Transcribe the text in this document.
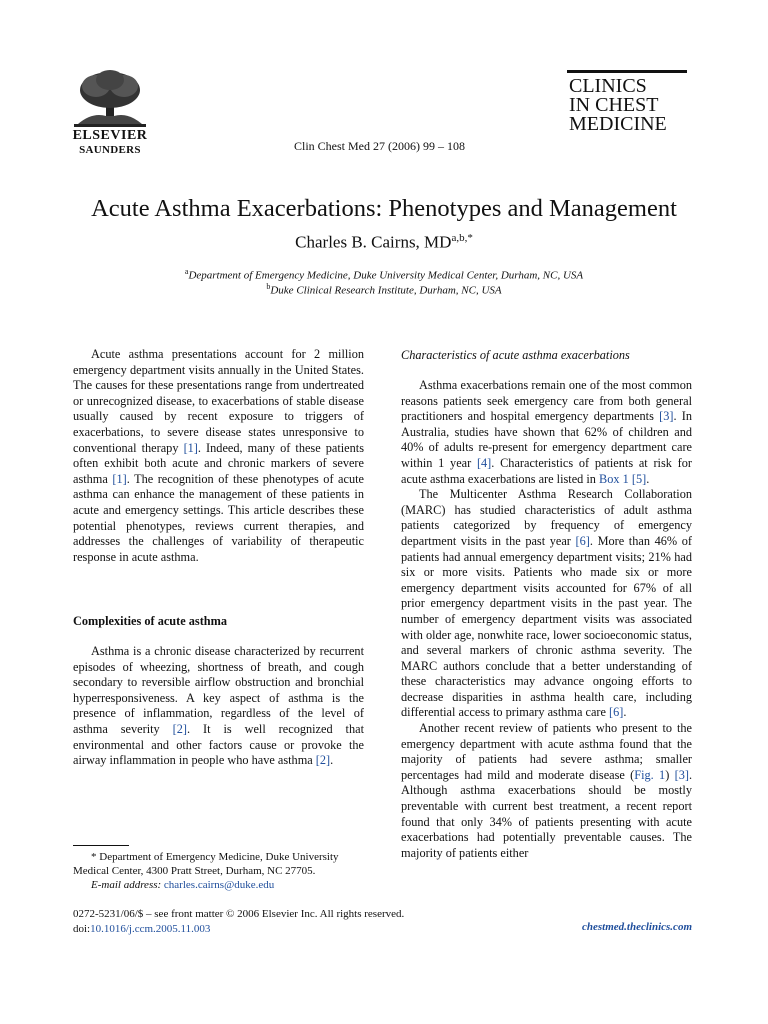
ELSEVIER
SAUNDERS	Clin Chest Med 27 (2006) 99 – 108
CLINICS
IN CHEST
MEDICINE
Acute Asthma Exacerbations: Phenotypes and Management
Charles B. Cairns, $MD^{a,b,*}$
$^a$Department of Emergency Medicine, Duke University Medical Center, Durham, NC, USA
$^b$Duke Clinical Research Institute, Durham, NC, USA

Acute asthma presentations account for 2 million emergency department visits annually in the United States. The causes for these presentations range from undertreated or unrecognized disease, to exacerbations of stable disease usually caused by recent exposure to triggers of exacerbations, to severe disease states unresponsive to conventional therapy [1]. Indeed, many of these patients often exhibit both acute and chronic markers of severe asthma [1]. The recognition of these phenotypes of acute asthma can enhance the management of these patients in acute and emergency settings. This article describes these potential phenotypes, reviews current therapies, and addresses the challenges of variability of therapeutic response in acute asthma.

Complexities of acute asthma

Asthma is a chronic disease characterized by recurrent episodes of wheezing, shortness of breath, and cough secondary to reversible airflow obstruction and bronchial hyperresponsiveness. A key aspect of asthma is the presence of inflammation, regardless of the level of asthma severity [2]. It is well recognized that environmental and other factors cause or provoke the airway inflammation in people who have asthma [2].

Characteristics of acute asthma exacerbations

Asthma exacerbations remain one of the most common reasons patients seek emergency care from both general practitioners and hospital emergency departments [3]. In Australia, studies have shown that 62% of children and 40% of adults re-present for emergency department care within 1 year [4]. Characteristics of patients at risk for acute asthma exacerbations are listed in Box 1 [5].

The Multicenter Asthma Research Collaboration (MARC) has studied characteristics of adult asthma patients categorized by frequency of emergency department visits in the past year [6]. More than 46% of patients had annual emergency department visits; 21% had six or more visits. Patients who made six or more emergency department visits accounted for 67% of all prior emergency department visits in the past year. The number of emergency department visits was associated with older age, nonwhite race, lower socioeconomic status, and several markers of chronic asthma severity. The MARC authors conclude that a better understanding of these characteristics may advance ongoing efforts to decrease disparities in asthma health care, including differential access to primary asthma care [6].

Another recent review of patients who present to the emergency department with acute asthma found that the majority of patients had severe asthma; smaller percentages had mild and moderate disease (Fig. 1) [3]. Although asthma exacerbations should be mostly preventable with current best treatment, a recent report found that only 34% of patients presenting with acute exacerbations had potentially preventable causes. The majority of patients either

* Department of Emergency Medicine, Duke University
Medical Center, 4300 Pratt Street, Durham, NC 27705.
E-mail address: charles.cairns@duke.edu
0272-5231/06/$ – see front matter © 2006 Elsevier Inc. All rights reserved.
doi:10.1016/j.ccm.2005.11.003	chestmed.theclinics.com
